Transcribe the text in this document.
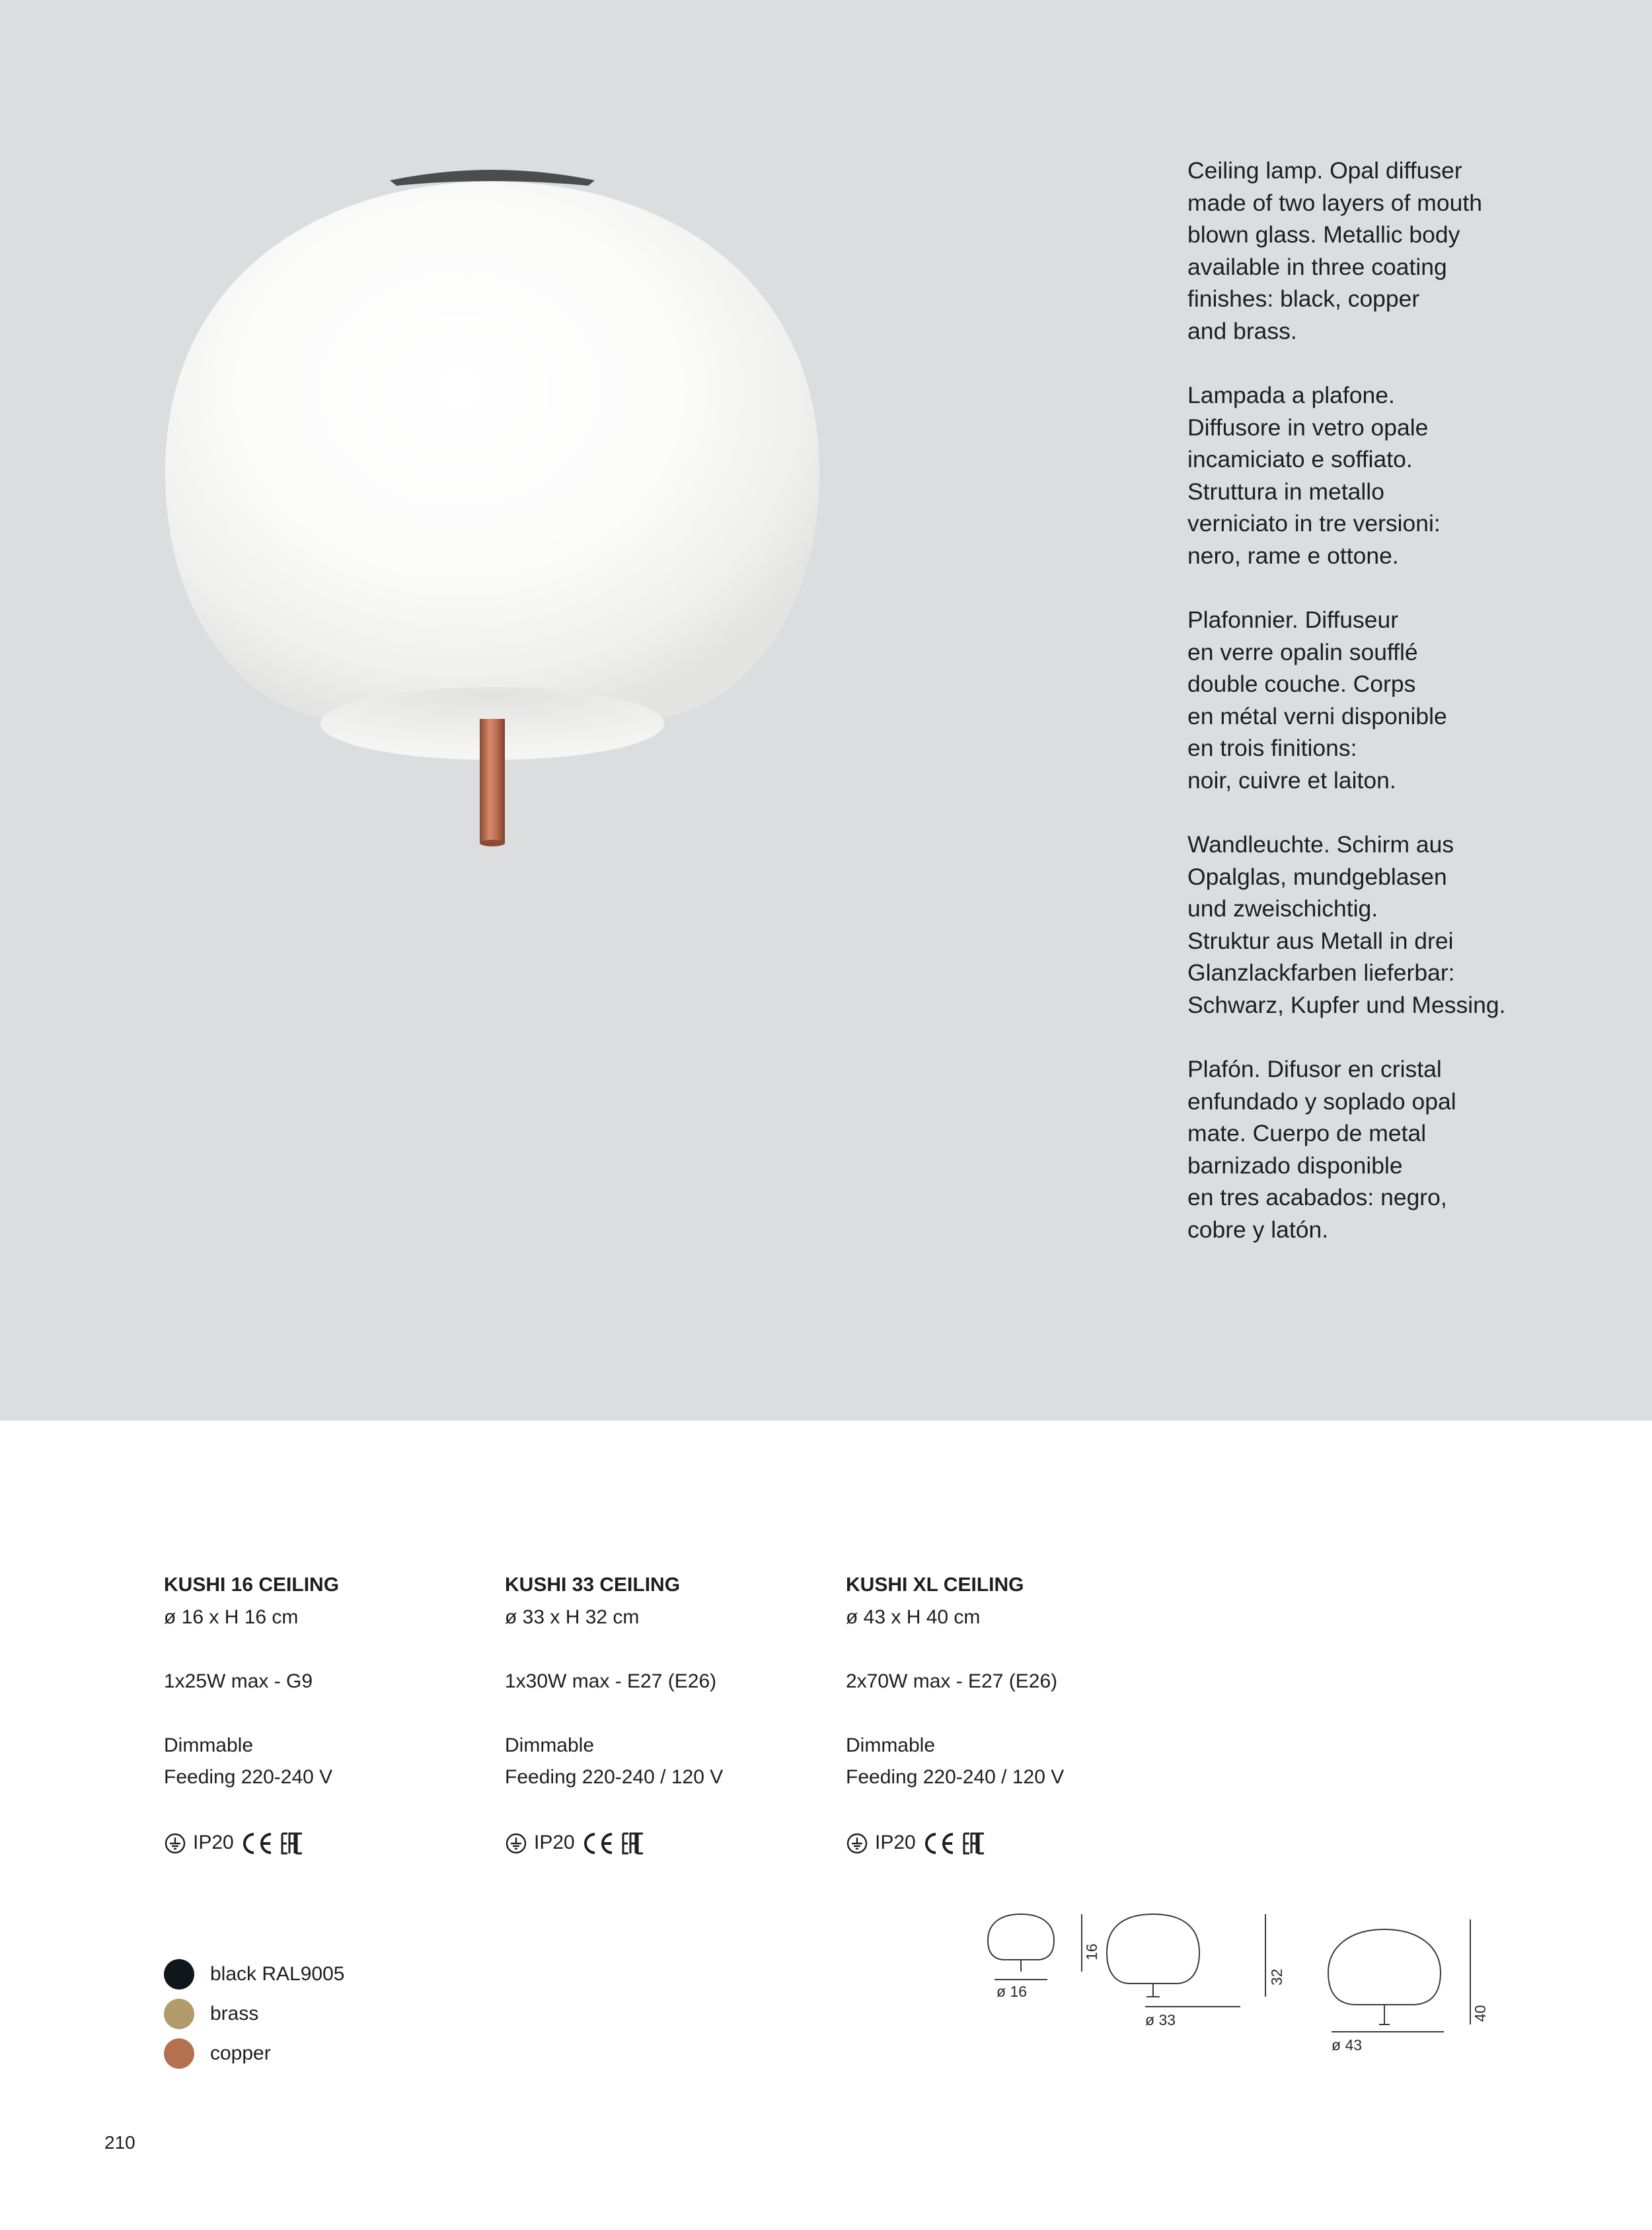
Ceiling lamp. Opal diffuser
made of two layers of mouth
blown glass. Metallic body
available in three coating
finishes: black, copper
and brass.

Lampada a plafone.
Diffusore in vetro opale
incamiciato e soffiato.
Struttura in metallo
verniciato in tre versioni:
nero, rame e ottone.

Plafonnier. Diffuseur
en verre opalin soufflé
double couche. Corps
en métal verni disponible
en trois finitions:
noir, cuivre et laiton.

Wandleuchte. Schirm aus
Opalglas, mundgeblasen
und zweischichtig.
Struktur aus Metall in drei
Glanzlackfarben lieferbar:
Schwarz, Kupfer und Messing.

Plafón. Difusor en cristal
enfundado y soplado opal
mate. Cuerpo de metal
barnizado disponible
en tres acabados: negro,
cobre y latón.

KUSHI 16 CEILING
ø 16 x H 16 cm
1x25W max - G9
Dimmable
Feeding 220-240 V
IP20
KUSHI 33 CEILING
ø 33 x H 32 cm
1x30W max - E27 (E26)
Dimmable
Feeding 220-240 / 120 V
IP20
KUSHI XL CEILING
ø 43 x H 40 cm
2x70W max - E27 (E26)
Dimmable
Feeding 220-240 / 120 V
IP20
black RAL9005
brass
copper
ø 16
16
ø 33
32
ø 43
40
210
